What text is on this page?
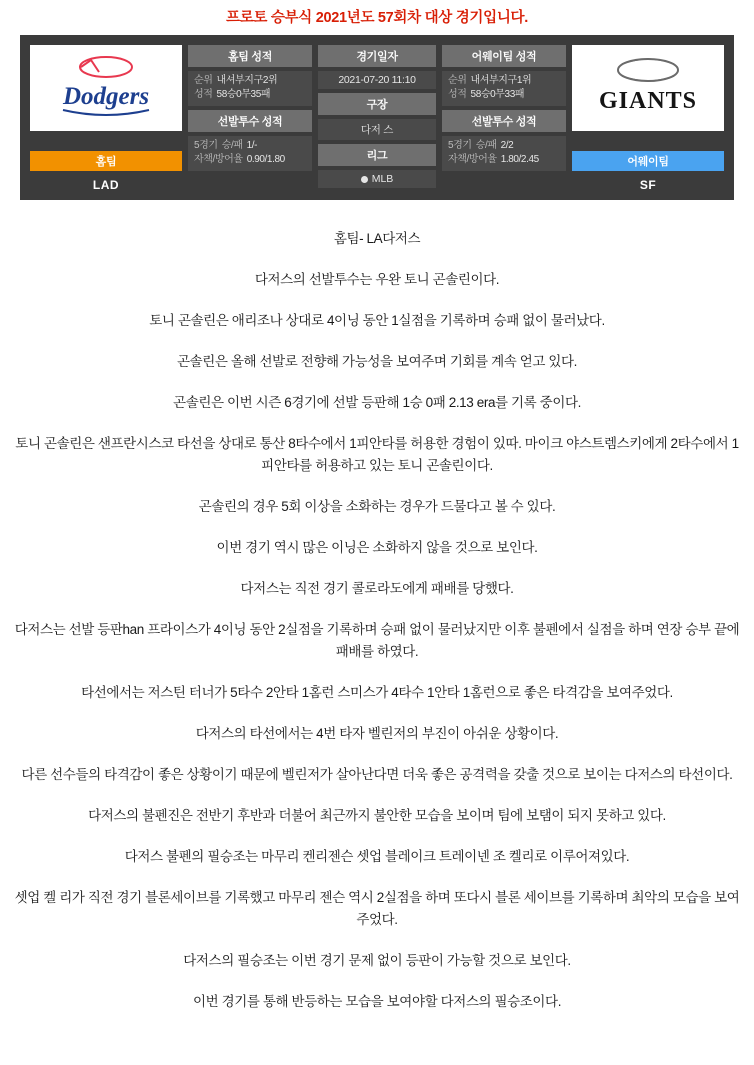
프로토 승부식 2021년도 57회차 대상 경기입니다.
Dodgers
홈팀
LAD
홈팀 성적
순위 내셔부지구2위
성적 58승0무35패
선발투수 성적
5경기 승/패 1/-
자책/방어율 0.90/1.80
경기일자
2021-07-20 11:10
구장
다저 스
리그
MLB
어웨이팀 성적
순위 내셔부지구1위
성적 58승0무33패
선발투수 성적
5경기 승/패 2/2
자책/방어율 1.80/2.45
GIANTS
어웨이팀
SF

홈팀- LA다저스

다저스의 선발투수는 우완 토니 곤솔린이다.

토니 곤솔린은 애리조나 상대로 4이닝 동안 1실점을 기록하며 승패 없이 물러났다.

곤솔린은 올해 선발로 전향해 가능성을 보여주며 기회를 계속 얻고 있다.

곤솔린은 이번 시즌 6경기에 선발 등판해 1승 0패 2.13 era를 기록 중이다.

토니 곤솔린은 샌프란시스코 타선을 상대로 통산 8타수에서 1피안타를 허용한 경험이 있따. 마이크 야스트렘스키에게 2타수에서 1피안타를 허용하고 있는 토니 곤솔린이다.

곤솔린의 경우 5회 이상을 소화하는 경우가 드물다고 볼 수 있다.

이번 경기 역시 많은 이닝은 소화하지 않을 것으로 보인다.

다저스는 직전 경기 콜로라도에게 패배를 당했다.

다저스는 선발 등판han 프라이스가 4이닝 동안 2실점을 기록하며 승패 없이 물러났지만 이후 불펜에서 실점을 하며 연장 승부 끝에 패배를 하였다.

타선에서는 저스틴 터너가 5타수 2안타 1홈런 스미스가 4타수 1안타 1홈런으로 좋은 타격감을 보여주었다.

다저스의 타선에서는 4번 타자 벨린저의 부진이 아쉬운 상황이다.

다른 선수들의 타격감이 좋은 상황이기 때문에 벨린저가 살아난다면 더욱 좋은 공격력을 갖출 것으로 보이는 다저스의 타선이다.

다저스의 불펜진은 전반기 후반과 더불어 최근까지 불안한 모습을 보이며 팀에 보탬이 되지 못하고 있다.

다저스 불펜의 필승조는 마무리 켄리젠슨 셋업 블레이크 트레이넨 조 켈리로 이루어져있다.

셋업 켈 리가 직전 경기 블론세이브를 기록했고 마무리 젠슨 역시 2실점을 하며 또다시 블론 세이브를 기록하며 최악의 모습을 보여주었다.

다저스의 필승조는 이번 경기 문제 없이 등판이 가능할 것으로 보인다.

이번 경기를 통해 반등하는 모습을 보여야할 다저스의 필승조이다.
